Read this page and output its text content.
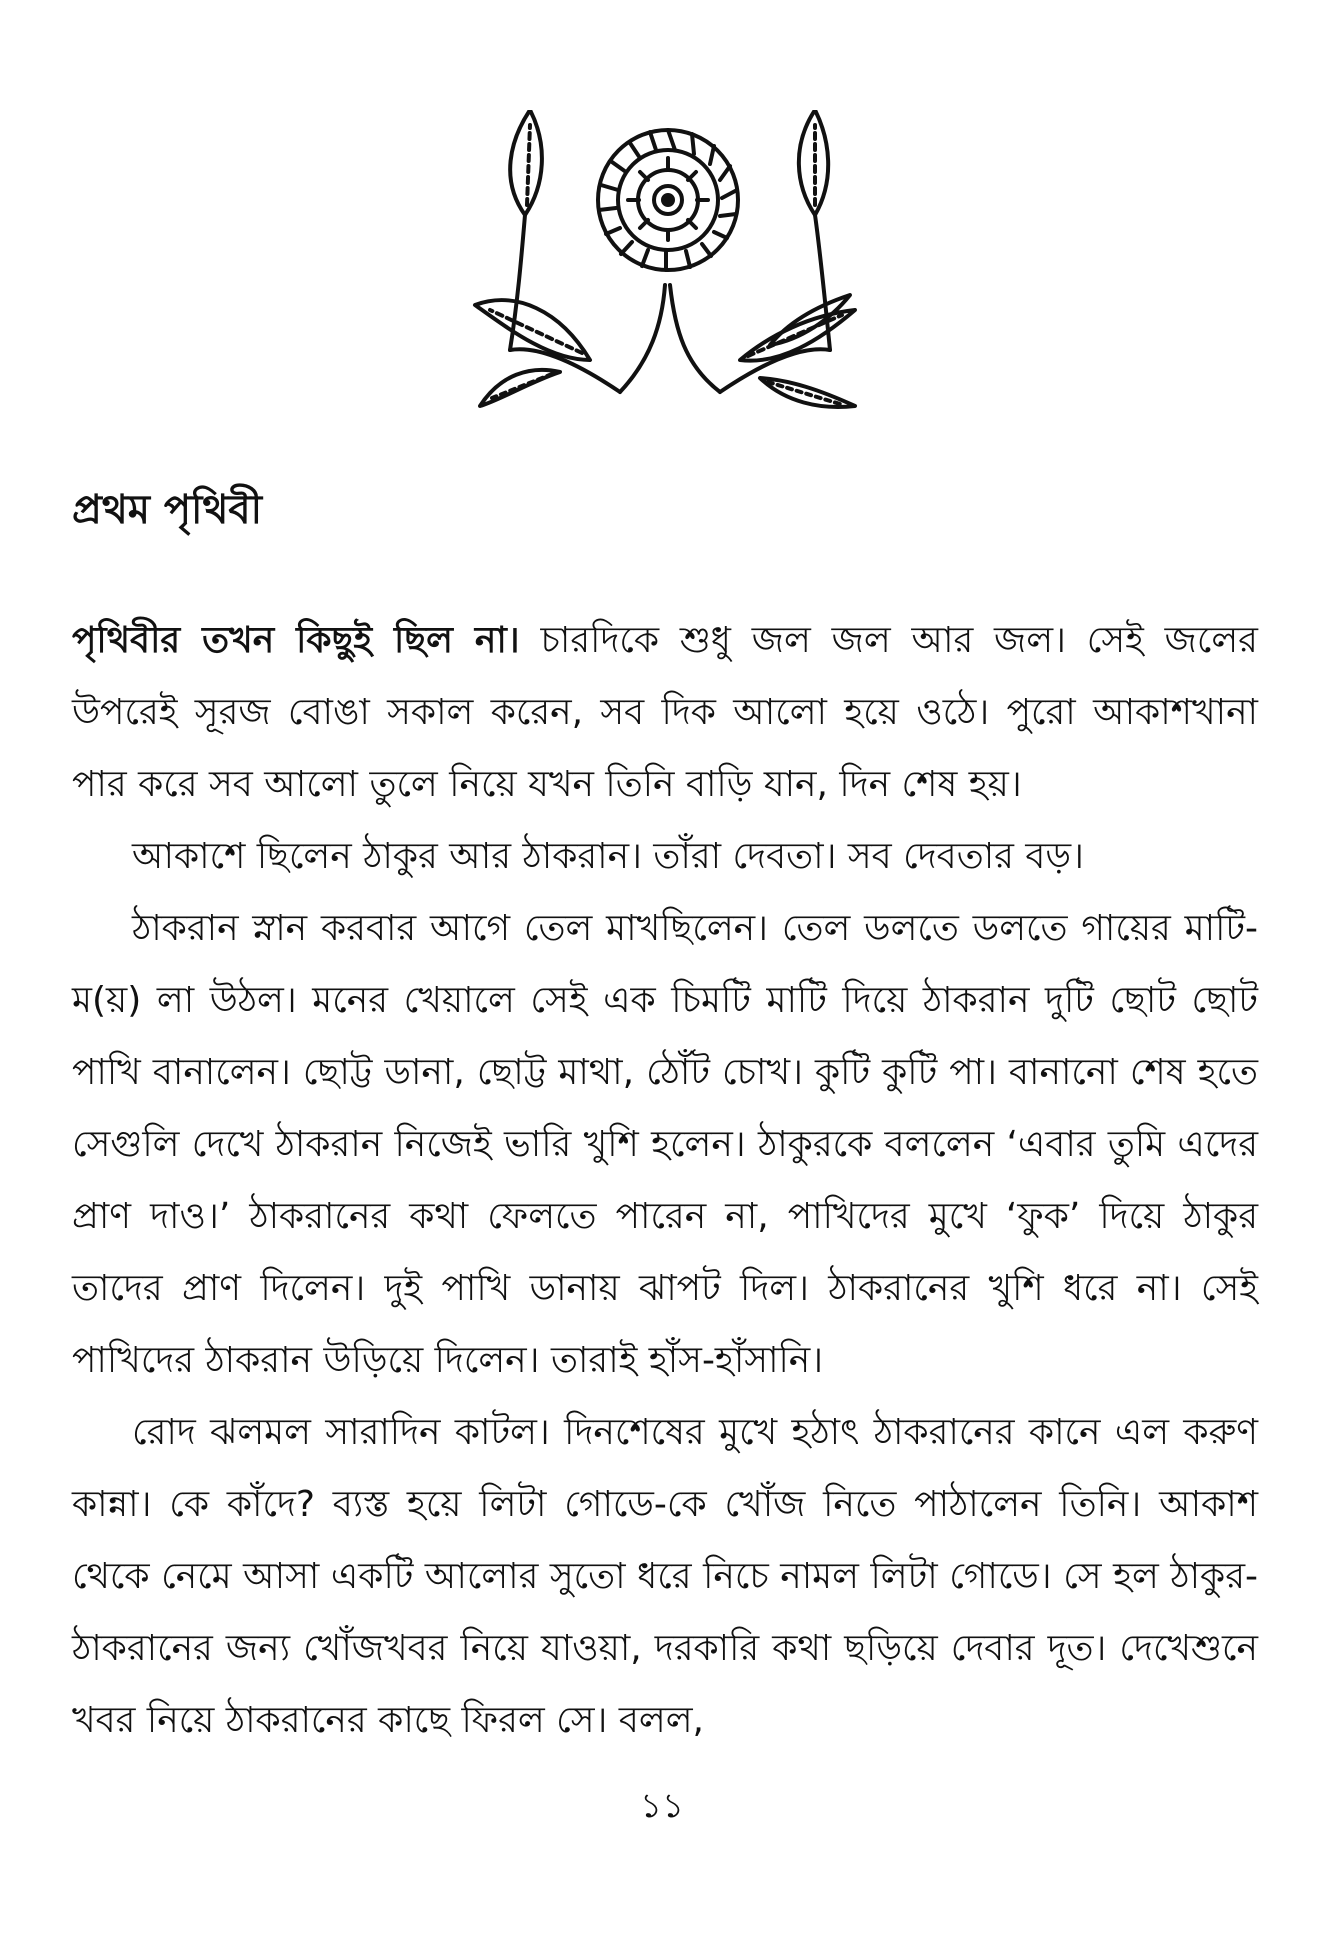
প্রথম পৃথিবী

পৃথিবীর তখন কিছুই ছিল না। চারদিকে শুধু জল জল আর জল। সেই জলের উপরেই সূরজ বোঙা সকাল করেন, সব দিক আলো হয়ে ওঠে। পুরো আকাশখানা পার করে সব আলো তুলে নিয়ে যখন তিনি বাড়ি যান, দিন শেষ হয়।

আকাশে ছিলেন ঠাকুর আর ঠাকরান। তাঁরা দেবতা। সব দেবতার বড়।

ঠাকরান স্নান করবার আগে তেল মাখছিলেন। তেল ডলতে ডলতে গায়ের মাটি-ম(য়) লা উঠল। মনের খেয়ালে সেই এক চিমটি মাটি দিয়ে ঠাকরান দুটি ছোট ছোট পাখি বানালেন। ছোট্ট ডানা, ছোট্ট মাথা, ঠোঁট চোখ। কুটি কুটি পা। বানানো শেষ হতে সেগুলি দেখে ঠাকরান নিজেই ভারি খুশি হলেন। ঠাকুরকে বললেন ‘এবার তুমি এদের প্রাণ দাও।’ ঠাকরানের কথা ফেলতে পারেন না, পাখিদের মুখে ‘ফুক’ দিয়ে ঠাকুর তাদের প্রাণ দিলেন। দুই পাখি ডানায় ঝাপট দিল। ঠাকরানের খুশি ধরে না। সেই পাখিদের ঠাকরান উড়িয়ে দিলেন। তারাই হাঁস-হাঁসানি।

রোদ ঝলমল সারাদিন কাটল। দিনশেষের মুখে হঠাৎ ঠাকরানের কানে এল করুণ কান্না। কে কাঁদে? ব্যস্ত হয়ে লিটা গোডে-কে খোঁজ নিতে পাঠালেন তিনি। আকাশ থেকে নেমে আসা একটি আলোর সুতো ধরে নিচে নামল লিটা গোডে। সে হল ঠাকুর-ঠাকরানের জন্য খোঁজখবর নিয়ে যাওয়া, দরকারি কথা ছড়িয়ে দেবার দূত। দেখেশুনে খবর নিয়ে ঠাকরানের কাছে ফিরল সে। বলল,

১১
